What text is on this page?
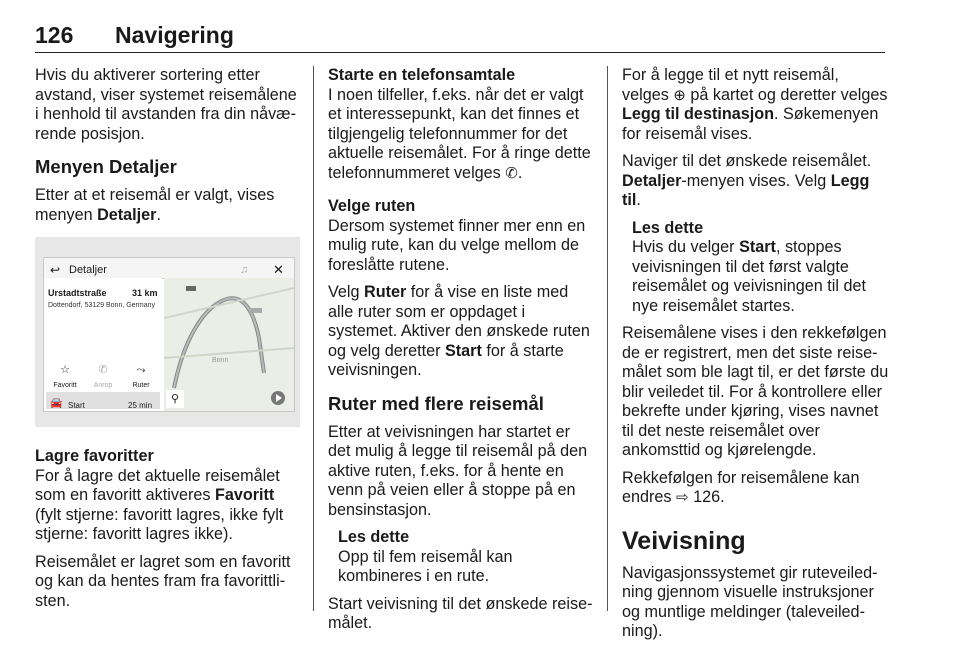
126 Navigering

Hvis du aktiverer sortering etter avstand, viser systemet reisemålene i henhold til avstanden fra din nåværende posisjon.

Menyen Detaljer

Etter at et reisemål er valgt, vises menyen Detaljer.

↩ Detaljer	♫ ✕
Urstadtstraße	31 km
Dottendorf, 53129 Bonn, Germany
☆
Favoritt
✆
Anrop
⤳
Ruter
🚘 Start	25 min
Bonn
⚲
Lagre favoritter

For å lagre det aktuelle reisemålet som en favoritt aktiveres Favoritt (fylt stjerne: favoritt lagres, ikke fylt stjerne: favoritt lagres ikke).

Reisemålet er lagret som en favoritt og kan da hentes fram fra favorittlisten.

Starte en telefonsamtale

I noen tilfeller, f.eks. når det er valgt et interessepunkt, kan det finnes et tilgjengelig telefonnummer for det aktuelle reisemålet. For å ringe dette telefonnummeret velges ✆.

Velge ruten

Dersom systemet finner mer enn en mulig rute, kan du velge mellom de foreslåtte rutene.

Velg Ruter for å vise en liste med alle ruter som er oppdaget i systemet. Aktiver den ønskede ruten og velg deretter Start for å starte veivisningen.

Ruter med flere reisemål

Etter at veivisningen har startet er det mulig å legge til reisemål på den aktive ruten, f.eks. for å hente en venn på veien eller å stoppe på en bensinstasjon.

Les dette
Opp til fem reisemål kan kombineres i en rute.

Start veivisning til det ønskede reisemålet.

For å legge til et nytt reisemål, velges ⊕ på kartet og deretter velges Legg til destinasjon. Søkemenyen for reisemål vises.

Naviger til det ønskede reisemålet. Detaljer-menyen vises. Velg Legg til.

Les dette
Hvis du velger Start, stoppes veivisningen til det først valgte reisemålet og veivisningen til det nye reisemålet startes.

Reisemålene vises i den rekkefølgen de er registrert, men det siste reisemålet som ble lagt til, er det første du blir veiledet til. For å kontrollere eller bekrefte under kjøring, vises navnet til det neste reisemålet over ankomsttid og kjørelengde.

Rekkefølgen for reisemålene kan endres ⇨ 126.

Veivisning

Navigasjonssystemet gir ruteveiledning gjennom visuelle instruksjoner og muntlige meldinger (taleveiledning).
